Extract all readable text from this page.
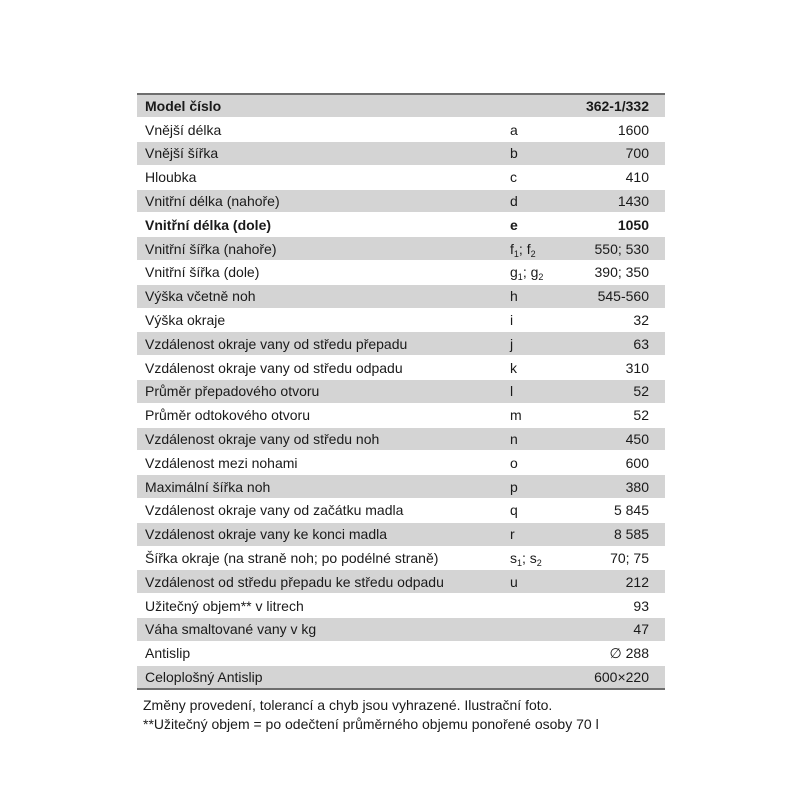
Model číslo		362-1/332
Vnější délka	a	1600
Vnější šířka	b	700
Hloubka	c	410
Vnitřní délka (nahoře)	d	1430
Vnitřní délka (dole)	e	1050
Vnitřní šířka (nahoře)	$f_1$; $f_2$	550; 530
Vnitřní šířka (dole)	$g_1$; $g_2$	390; 350
Výška včetně noh	h	545-560
Výška okraje	i	32
Vzdálenost okraje vany od středu přepadu	j	63
Vzdálenost okraje vany od středu odpadu	k	310
Průměr přepadového otvoru	l	52
Průměr odtokového otvoru	m	52
Vzdálenost okraje vany od středu noh	n	450
Vzdálenost mezi nohami	o	600
Maximální šířka noh	p	380
Vzdálenost okraje vany od začátku madla	q	5 845
Vzdálenost okraje vany ke konci madla	r	8 585
Šířka okraje (na straně noh; po podélné straně)	$s_1$; $s_2$	70; 75
Vzdálenost od středu přepadu ke středu odpadu	u	212
Užitečný objem** v litrech		93
Váha smaltované vany v kg		47
Antislip		∅ 288
Celoplošný Antislip		600×220
Změny provedení, tolerancí a chyb jsou vyhrazené. Ilustrační foto.
**Užitečný objem = po odečtení průměrného objemu ponořené osoby 70 l
